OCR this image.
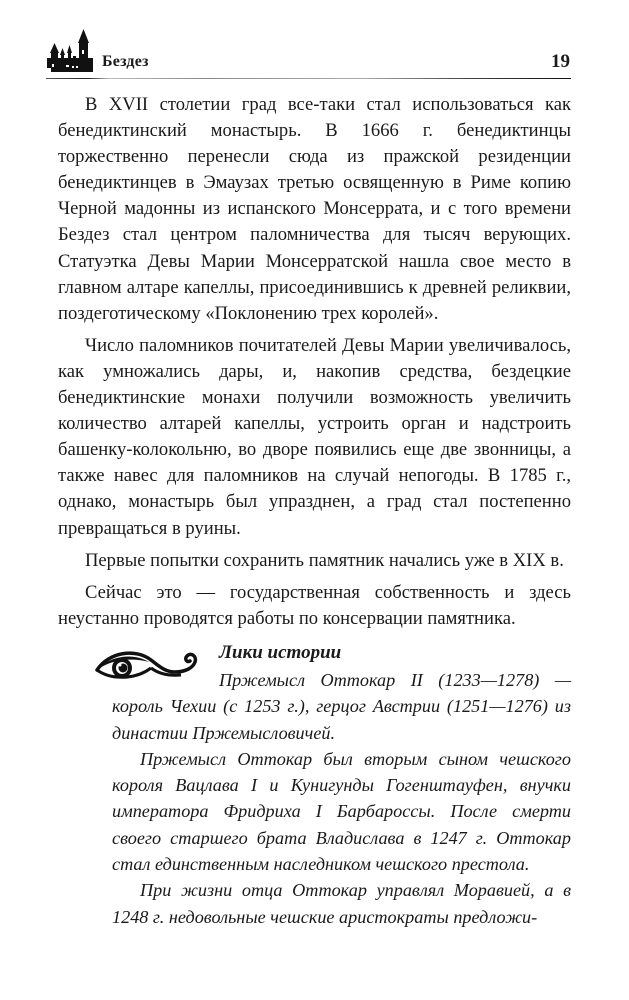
Бездез	19

В XVII столетии град все-таки стал использоваться как бенедиктинский монастырь. В 1666 г. бенедиктинцы торжественно перенесли сюда из пражской резиденции бенедиктинцев в Эмаузах третью освященную в Риме копию Черной мадонны из испанского Монсеррата, и с того времени Бездез стал центром паломничества для тысяч верующих. Статуэтка Девы Марии Монсерратской нашла свое место в главном алтаре капеллы, присоединившись к древней реликвии, поздеготическому «Поклонению трех королей».

Число паломников почитателей Девы Марии увеличивалось, как умножались дары, и, накопив средства, бездецкие бенедиктинские монахи получили возможность увеличить количество алтарей капеллы, устроить орган и надстроить башенку-колокольню, во дворе появились еще две звонницы, а также навес для паломников на случай непогоды. В 1785 г., однако, монастырь был упразднен, а град стал постепенно превращаться в руины.

Первые попытки сохранить памятник начались уже в XIX в.

Сейчас это — государственная собственность и здесь неустанно проводятся работы по консервации памятника.

Лики истории

Пржемысл Оттокар II (1233—1278) — король Чехии (с 1253 г.), герцог Австрии (1251—1276) из династии Пржемысловичей.

Пржемысл Оттокар был вторым сыном чешского короля Вацлава I и Кунигунды Гогенштауфен, внучки императора Фридриха I Барбароссы. После смерти своего старшего брата Владислава в 1247 г. Оттокар стал единственным наследником чешского престола.

При жизни отца Оттокар управлял Моравией, а в 1248 г. недовольные чешские аристократы предложи-
